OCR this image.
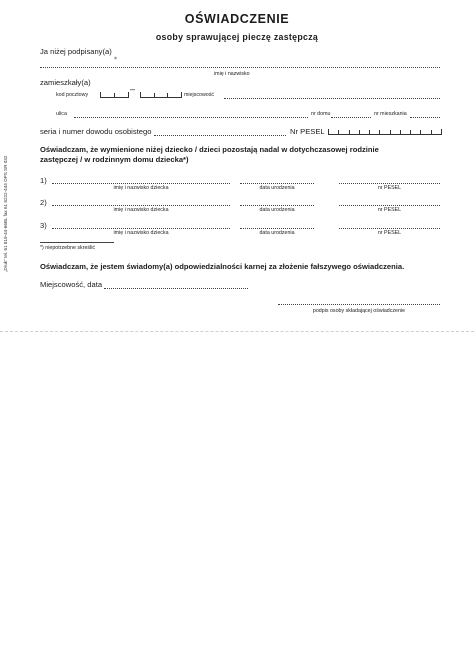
OŚWIADCZENIE
osoby sprawującej pieczę zastępczą
Ja niżej podpisany(a)
⁎
imię i nazwisko
zamieszkały(a)
kod pocztowy
–
miejscowość
ulica	nr domu	nr mieszkania
seria i numer dowodu osobistego	Nr PESEL
Oświadczam, że wymienione niżej dziecko / dzieci pozostają nadal w dotychczasowej rodzinie
zastępczej / w rodzinnym domu dziecka*)
1)
imię i nazwisko dziecka	data urodzenia	nr PESEL
2)
imię i nazwisko dziecka	data urodzenia	nr PESEL
3)
imię i nazwisko dziecka	data urodzenia	nr PESEL
*) niepotrzebne skreślić
Oświadczam, że jestem świadomy(a) odpowiedzialności karnej za złożenie fałszywego oświadczenia.
Miejscowość, data
podpis osoby składającej oświadczenie
„Druk" tel. 61 819-44-66BL fax 61 8222-444 OPS SR 032
